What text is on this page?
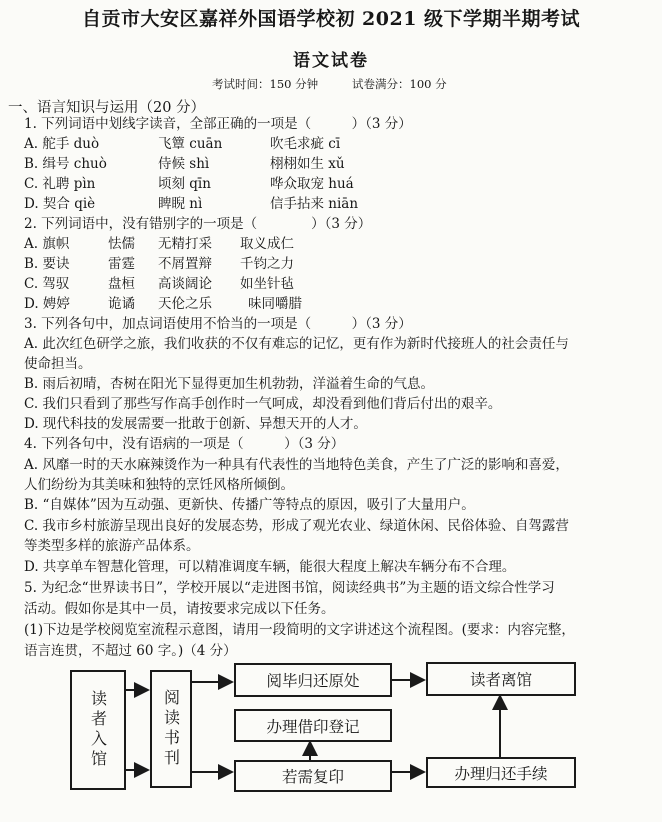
自贡市大安区嘉祥外国语学校初 2021 级下学期半期考试
语文试卷
考试时间：150 分钟	试卷满分：100 分
一、语言知识与运用（20 分）
1. 下列词语中划线字读音，全部正确的一项是（　　　）（3 分）
A. 舵手 duò	飞簟 cuān	吹毛求疵 cī
B. 缉号 chuò	侍候 shì	栩栩如生 xǔ
C. 礼聘 pìn	顷刻 qīn	哗众取宠 huá
D. 契合 qiè	睥睨 nì	信手拈来 niān
2. 下列词语中，没有错别字的一项是（　　　　）（3 分）
A. 旗帜	怯儒 无精打采 取义成仁
B. 要诀	雷霆 不屑置辩 千钧之力
C. 驾驭	盘桓 高谈阔论 如坐针毡
D. 娉婷	诡谲 天伦之乐	味同嚼腊
3. 下列各句中，加点词语使用不恰当的一项是（　　　）（3 分）
A. 此次红色研学之旅，我们收获的不仅有难忘的记忆，更有作为新时代接班人的社会责任与
使命担当。
B. 雨后初晴，杏树在阳光下显得更加生机勃勃，洋溢着生命的气息。
C. 我们只看到了那些写作高手创作时一气呵成，却没看到他们背后付出的艰辛。
D. 现代科技的发展需要一批敢于创新、异想天开的人才。
4. 下列各句中，没有语病的一项是（　　　）（3 分）
A. 风靡一时的天水麻辣烫作为一种具有代表性的当地特色美食，产生了广泛的影响和喜爱，
人们纷纷为其美味和独特的烹饪风格所倾倒。
B. “自媒体”因为互动强、更新快、传播广等特点的原因，吸引了大量用户。
C. 我市乡村旅游呈现出良好的发展态势，形成了观光农业、绿道休闲、民俗体验、自驾露营
等类型多样的旅游产品体系。
D. 共享单车智慧化管理，可以精准调度车辆，能很大程度上解决车辆分布不合理。
5. 为纪念“世界读书日”，学校开展以“走进图书馆，阅读经典书”为主题的语文综合性学习
活动。假如你是其中一员，请按要求完成以下任务。
(1)下边是学校阅览室流程示意图，请用一段简明的文字讲述这个流程图。(要求：内容完整，
语言连贯，不超过 60 字。)（4 分）
读者入馆	阅读书刊
阅毕归还原处	读者离馆
办理借印登记
若需复印	办理归还手续
